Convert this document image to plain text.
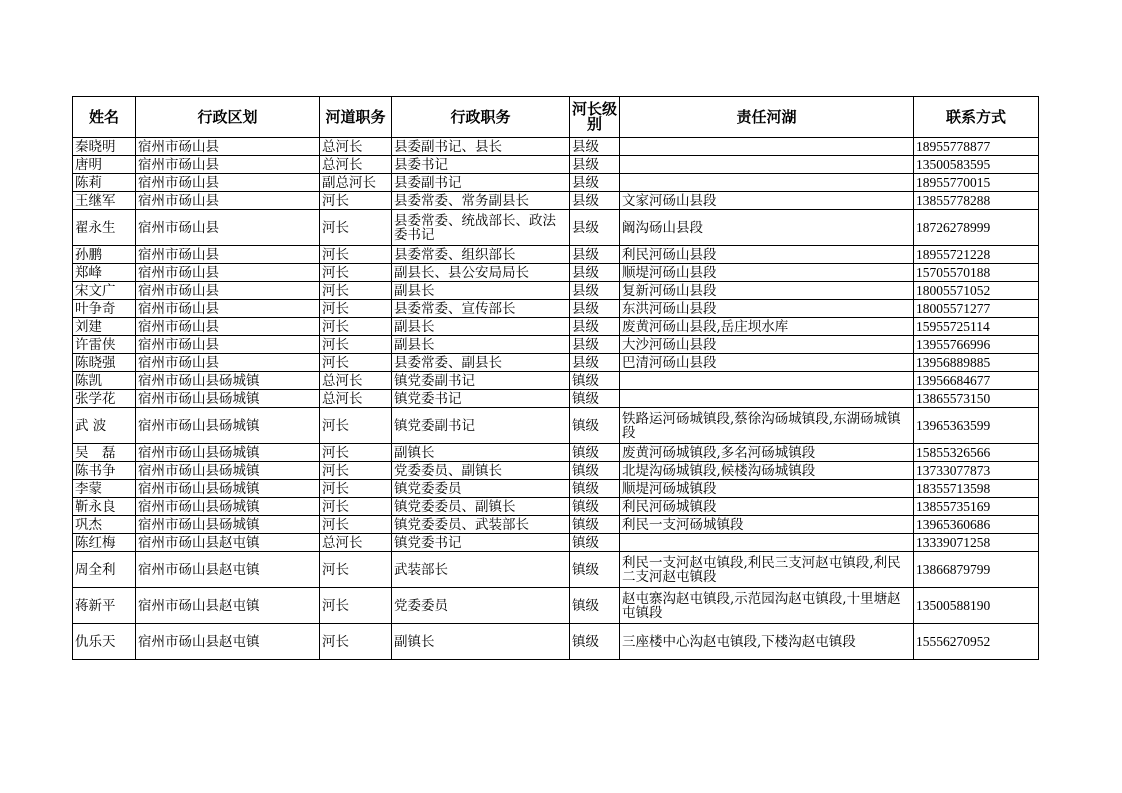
姓名	行政区划	河道职务	行政职务	河长级别	责任河湖	联系方式
秦晓明	宿州市砀山县	总河长	县委副书记、县长	县级		18955778877
唐明	宿州市砀山县	总河长	县委书记	县级		13500583595
陈莉	宿州市砀山县	副总河长	县委副书记	县级		18955770015
王继军	宿州市砀山县	河长	县委常委、常务副县长	县级	文家河砀山县段	13855778288
翟永生	宿州市砀山县	河长	县委常委、统战部长、政法委书记	县级	阚沟砀山县段	18726278999
孙鹏	宿州市砀山县	河长	县委常委、组织部长	县级	利民河砀山县段	18955721228
郑峰	宿州市砀山县	河长	副县长、县公安局局长	县级	顺堤河砀山县段	15705570188
宋文广	宿州市砀山县	河长	副县长	县级	复新河砀山县段	18005571052
叶争奇	宿州市砀山县	河长	县委常委、宣传部长	县级	东洪河砀山县段	18005571277
刘建	宿州市砀山县	河长	副县长	县级	废黄河砀山县段,岳庄坝水库	15955725114
许雷侠	宿州市砀山县	河长	副县长	县级	大沙河砀山县段	13955766996
陈晓强	宿州市砀山县	河长	县委常委、副县长	县级	巴清河砀山县段	13956889885
陈凯	宿州市砀山县砀城镇	总河长	镇党委副书记	镇级		13956684677
张学花	宿州市砀山县砀城镇	总河长	镇党委书记	镇级		13865573150
武 波	宿州市砀山县砀城镇	河长	镇党委副书记	镇级	铁路运河砀城镇段,蔡徐沟砀城镇段,东湖砀城镇段	13965363599
吴　磊	宿州市砀山县砀城镇	河长	副镇长	镇级	废黄河砀城镇段,多名河砀城镇段	15855326566
陈书争	宿州市砀山县砀城镇	河长	党委委员、副镇长	镇级	北堤沟砀城镇段,候楼沟砀城镇段	13733077873
李蒙	宿州市砀山县砀城镇	河长	镇党委委员	镇级	顺堤河砀城镇段	18355713598
靳永良	宿州市砀山县砀城镇	河长	镇党委委员、副镇长	镇级	利民河砀城镇段	13855735169
巩杰	宿州市砀山县砀城镇	河长	镇党委委员、武装部长	镇级	利民一支河砀城镇段	13965360686
陈红梅	宿州市砀山县赵屯镇	总河长	镇党委书记	镇级		13339071258
周全利	宿州市砀山县赵屯镇	河长	武装部长	镇级	利民一支河赵屯镇段,利民三支河赵屯镇段,利民二支河赵屯镇段	13866879799
蒋新平	宿州市砀山县赵屯镇	河长	党委委员	镇级	赵屯寨沟赵屯镇段,示范园沟赵屯镇段,十里塘赵屯镇段	13500588190
仇乐天	宿州市砀山县赵屯镇	河长	副镇长	镇级	三座楼中心沟赵屯镇段,下楼沟赵屯镇段	15556270952
